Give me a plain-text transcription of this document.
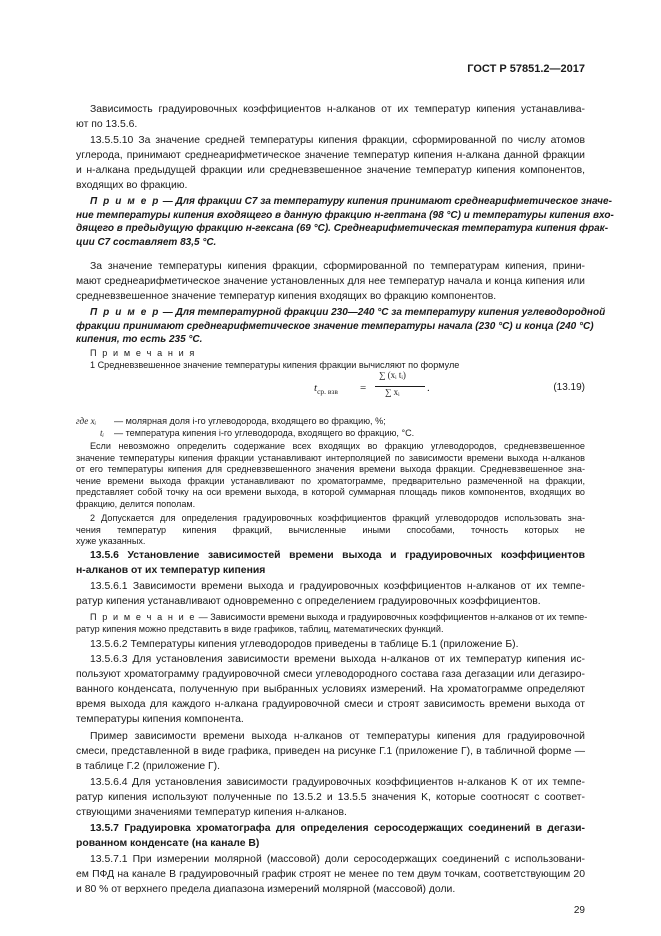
ГОСТ Р 57851.2—2017
Зависимость градуировочных коэффициентов н-алканов от их температур кипения устанавлива-
ют по 13.5.6.
13.5.5.10 За значение средней температуры кипения фракции, сформированной по числу атомов
углерода, принимают среднеарифметическое значение температур кипения н-алкана данной фракции
и н-алкана предыдущей фракции или средневзвешенное значение температур кипения компонентов,
входящих во фракцию.
П р и м е р — Для фракции С7 за температуру кипения принимают среднеарифметическое значе-
ние температуры кипения входящего в данную фракцию н-гептана (98 °С) и температуры кипения вхо-
дящего в предыдущую фракцию н-гексана (69 °С). Среднеарифметическая температура кипения фрак-
ции С7 составляет 83,5 °С.
За значение температуры кипения фракции, сформированной по температурам кипения, прини-
мают среднеарифметическое значение установленных для нее температур начала и конца кипения или
средневзвешенное значение температур кипения входящих во фракцию компонентов.
П р и м е р — Для температурной фракции 230—240 °С за температуру кипения углеводородной
фракции принимают среднеарифметическое значение температуры начала (230 °С) и конца (240 °С)
кипения, то есть 235 °С.
П р и м е ч а н и я
1 Средневзвешенное значение температуры кипения фракции вычисляют по формуле
$t_{ср. взв}$ =
∑ (xᵢ tᵢ)
∑ xᵢ .	(13.19)
где xᵢ — молярная доля i-го углеводорода, входящего во фракцию, %;
tᵢ — температура кипения i-го углеводорода, входящего во фракцию, °С.
Если невозможно определить содержание всех входящих во фракцию углеводородов, средневзвешенное
значение температуры кипения фракции устанавливают интерполяцией по зависимости времени выхода н-алканов
от его температуры кипения для средневзвешенного значения времени выхода фракции. Средневзвешенное зна-
чение времени выхода фракции устанавливают по хроматограмме, предварительно размеченной на фракции,
представляет собой точку на оси времени выхода, в которой суммарная площадь пиков компонентов, входящих во
фракцию, делится пополам.
2 Допускается для определения градуировочных коэффициентов фракций углеводородов использовать зна-
чения температур кипения фракций, вычисленные иными способами, точность которых не
хуже указанных.
13.5.6 Установление зависимостей времени выхода и градуировочных коэффициентов
н-алканов от их температур кипения
13.5.6.1 Зависимости времени выхода и градуировочных коэффициентов н-алканов от их темпе-
ратур кипения устанавливают одновременно с определением градуировочных коэффициентов.
П р и м е ч а н и е — Зависимости времени выхода и градуировочных коэффициентов н-алканов от их темпе-
ратур кипения можно представить в виде графиков, таблиц, математических функций.
13.5.6.2 Температуры кипения углеводородов приведены в таблице Б.1 (приложение Б).
13.5.6.3 Для установления зависимости времени выхода н-алканов от их температур кипения ис-
пользуют хроматограмму градуировочной смеси углеводородного состава газа дегазации или дегазиро-
ванного конденсата, полученную при выбранных условиях измерений. На хроматограмме определяют
время выхода для каждого н-алкана градуировочной смеси и строят зависимость времени выхода от
температуры кипения компонента.
Пример зависимости времени выхода н-алканов от температуры кипения для градуировочной
смеси, представленной в виде графика, приведен на рисунке Г.1 (приложение Г), в табличной форме —
в таблице Г.2 (приложение Г).
13.5.6.4 Для установления зависимости градуировочных коэффициентов н-алканов K от их темпе-
ратур кипения используют полученные по 13.5.2 и 13.5.5 значения K, которые соотносят с соответ-
ствующими значениями температур кипения н-алканов.
13.5.7 Градуировка хроматографа для определения серосодержащих соединений в дегази-
рованном конденсате (на канале В)
13.5.7.1 При измерении молярной (массовой) доли серосодержащих соединений с использовани-
ем ПФД на канале В градуировочный график строят не менее по тем двум точкам, соответствующим 20
и 80 % от верхнего предела диапазона измерений молярной (массовой) доли.
29
